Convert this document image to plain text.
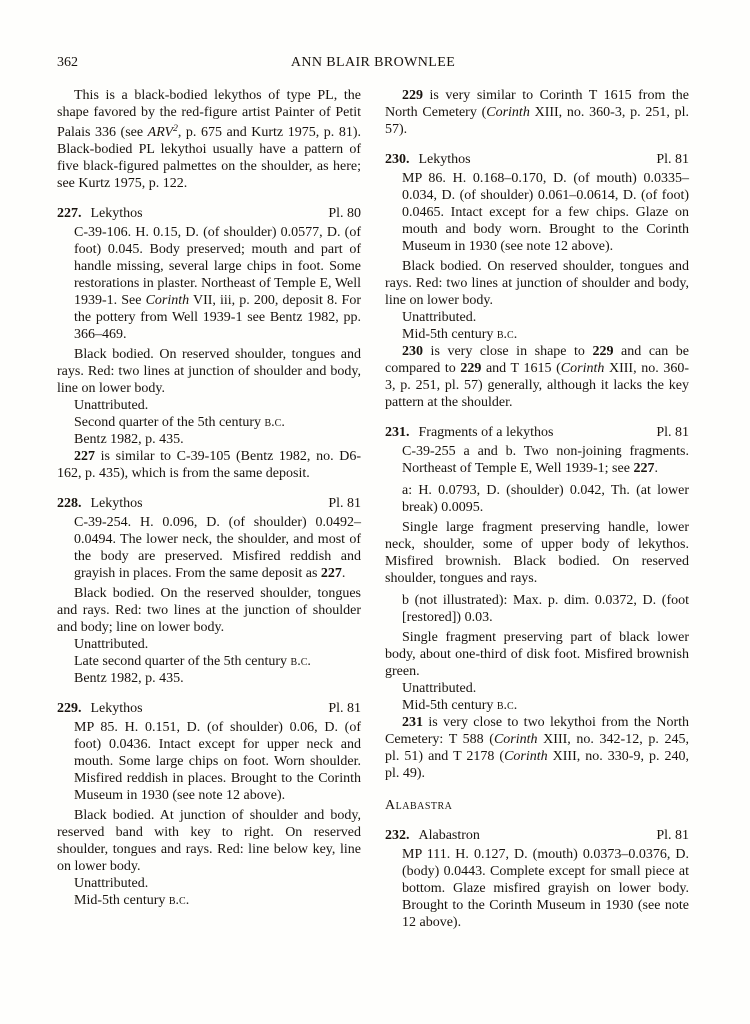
362	ANN BLAIR BROWNLEE

This is a black-bodied lekythos of type PL, the shape favored by the red-figure artist Painter of Petit Palais 336 (see ARV$^2$, p. 675 and Kurtz 1975, p. 81). Black-bodied PL lekythoi usually have a pattern of five black-figured palmettes on the shoulder, as here; see Kurtz 1975, p. 122.

227. Lekythos	Pl. 80

C-39-106. H. 0.15, D. (of shoulder) 0.0577, D. (of foot) 0.045. Body preserved; mouth and part of handle missing, several large chips in foot. Some restorations in plaster. Northeast of Temple E, Well 1939-1. See Corinth VII, iii, p. 200, deposit 8. For the pottery from Well 1939-1 see Bentz 1982, pp. 366–469.

Black bodied. On reserved shoulder, tongues and rays. Red: two lines at junction of shoulder and body, line on lower body.

Unattributed.

Second quarter of the 5th century b.c.

Bentz 1982, p. 435.

227 is similar to C-39-105 (Bentz 1982, no. D6-162, p. 435), which is from the same deposit.

228. Lekythos	Pl. 81

C-39-254. H. 0.096, D. (of shoulder) 0.0492–0.0494. The lower neck, the shoulder, and most of the body are preserved. Misfired reddish and grayish in places. From the same deposit as 227.

Black bodied. On the reserved shoulder, tongues and rays. Red: two lines at the junction of shoulder and body; line on lower body.

Unattributed.

Late second quarter of the 5th century b.c.

Bentz 1982, p. 435.

229. Lekythos	Pl. 81

MP 85. H. 0.151, D. (of shoulder) 0.06, D. (of foot) 0.0436. Intact except for upper neck and mouth. Some large chips on foot. Worn shoulder. Misfired reddish in places. Brought to the Corinth Museum in 1930 (see note 12 above).

Black bodied. At junction of shoulder and body, reserved band with key to right. On reserved shoulder, tongues and rays. Red: line below key, line on lower body.

Unattributed.

Mid-5th century b.c.

229 is very similar to Corinth T 1615 from the North Cemetery (Corinth XIII, no. 360-3, p. 251, pl. 57).

230. Lekythos	Pl. 81

MP 86. H. 0.168–0.170, D. (of mouth) 0.0335–0.034, D. (of shoulder) 0.061–0.0614, D. (of foot) 0.0465. Intact except for a few chips. Glaze on mouth and body worn. Brought to the Corinth Museum in 1930 (see note 12 above).

Black bodied. On reserved shoulder, tongues and rays. Red: two lines at junction of shoulder and body, line on lower body.

Unattributed.

Mid-5th century b.c.

230 is very close in shape to 229 and can be compared to 229 and T 1615 (Corinth XIII, no. 360-3, p. 251, pl. 57) generally, although it lacks the key pattern at the shoulder.

231. Fragments of a lekythos	Pl. 81

C-39-255 a and b. Two non-joining fragments. Northeast of Temple E, Well 1939-1; see 227.

a: H. 0.0793, D. (shoulder) 0.042, Th. (at lower break) 0.0095.

Single large fragment preserving handle, lower neck, shoulder, some of upper body of lekythos. Misfired brownish. Black bodied. On reserved shoulder, tongues and rays.

b (not illustrated): Max. p. dim. 0.0372, D. (foot [restored]) 0.03.

Single fragment preserving part of black lower body, about one-third of disk foot. Misfired brownish green.

Unattributed.

Mid-5th century b.c.

231 is very close to two lekythoi from the North Cemetery: T 588 (Corinth XIII, no. 342-12, p. 245, pl. 51) and T 2178 (Corinth XIII, no. 330-9, p. 240, pl. 49).

Alabastra
232. Alabastron	Pl. 81

MP 111. H. 0.127, D. (mouth) 0.0373–0.0376, D. (body) 0.0443. Complete except for small piece at bottom. Glaze misfired grayish on lower body. Brought to the Corinth Museum in 1930 (see note 12 above).
